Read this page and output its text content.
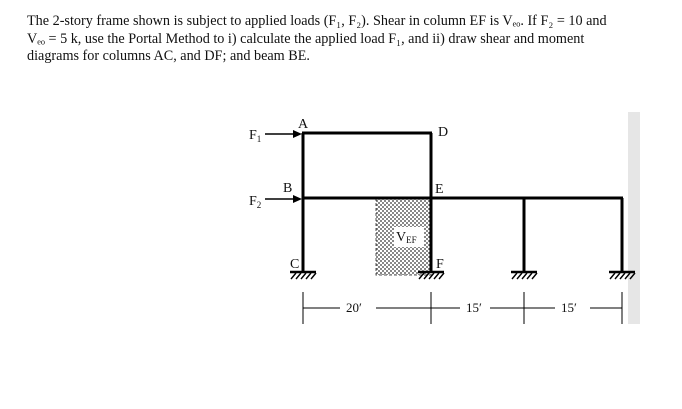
The 2-story frame shown is subject to applied loads (F₁, F₂). Shear in column EF is Vₑₒ. If F₂ = 10 and
Vₑₒ = 5 k, use the Portal Method to i) calculate the applied load F₁, and ii) draw shear and moment
diagrams for columns AC, and DF; and beam BE.
$F_1$
$F_2$
A
B
D
E
C	F
VEF
20′	15′	15′
